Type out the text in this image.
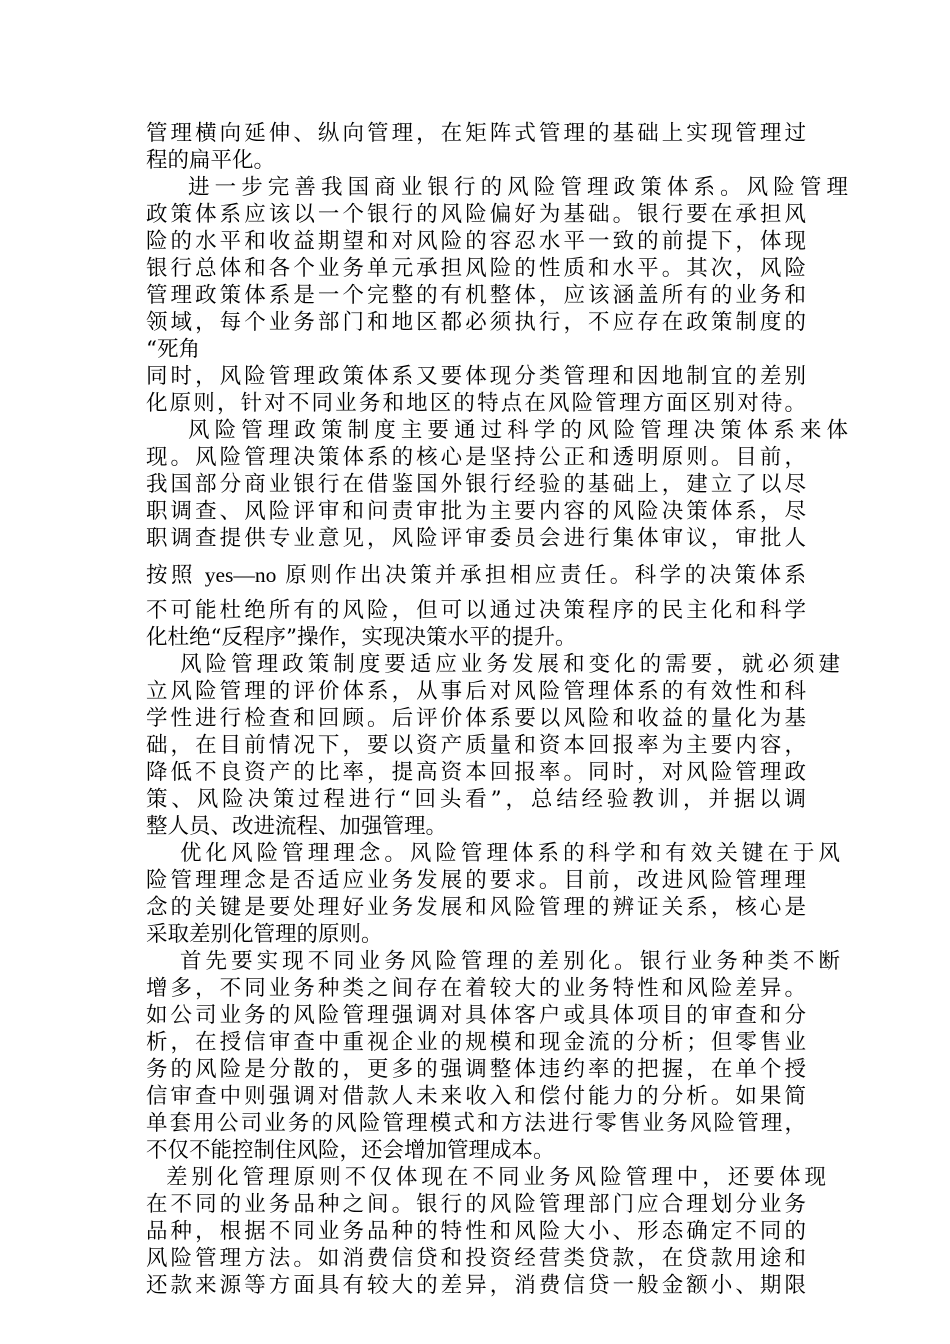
管理横向延伸、纵向管理，在矩阵式管理的基础上实现管理过

程的扁平化。

进一步完善我国商业银行的风险管理政策体系。风险管理

政策体系应该以一个银行的风险偏好为基础。银行要在承担风

险的水平和收益期望和对风险的容忍水平一致的前提下，体现

银行总体和各个业务单元承担风险的性质和水平。其次，风险

管理政策体系是一个完整的有机整体，应该涵盖所有的业务和

领域，每个业务部门和地区都必须执行，不应存在政策制度的

“死角

同时，风险管理政策体系又要体现分类管理和因地制宜的差别

化原则，针对不同业务和地区的特点在风险管理方面区别对待。

风险管理政策制度主要通过科学的风险管理决策体系来体

现。风险管理决策体系的核心是坚持公正和透明原则。目前，

我国部分商业银行在借鉴国外银行经验的基础上，建立了以尽

职调查、风险评审和问责审批为主要内容的风险决策体系，尽

职调查提供专业意见，风险评审委员会进行集体审议，审批人

按照 yes—no 原则作出决策并承担相应责任。科学的决策体系

不可能杜绝所有的风险，但可以通过决策程序的民主化和科学

化杜绝“反程序”操作，实现决策水平的提升。

风险管理政策制度要适应业务发展和变化的需要，就必须建

立风险管理的评价体系，从事后对风险管理体系的有效性和科

学性进行检查和回顾。后评价体系要以风险和收益的量化为基

础，在目前情况下，要以资产质量和资本回报率为主要内容，

降低不良资产的比率，提高资本回报率。同时，对风险管理政

策、风险决策过程进行“回头看”，总结经验教训，并据以调

整人员、改进流程、加强管理。

优化风险管理理念。风险管理体系的科学和有效关键在于风

险管理理念是否适应业务发展的要求。目前，改进风险管理理

念的关键是要处理好业务发展和风险管理的辨证关系，核心是

采取差别化管理的原则。

首先要实现不同业务风险管理的差别化。银行业务种类不断

增多，不同业务种类之间存在着较大的业务特性和风险差异。

如公司业务的风险管理强调对具体客户或具体项目的审查和分

析，在授信审查中重视企业的规模和现金流的分析；但零售业

务的风险是分散的，更多的强调整体违约率的把握，在单个授

信审查中则强调对借款人未来收入和偿付能力的分析。如果简

单套用公司业务的风险管理模式和方法进行零售业务风险管理，

不仅不能控制住风险，还会增加管理成本。

差别化管理原则不仅体现在不同业务风险管理中，还要体现

在不同的业务品种之间。银行的风险管理部门应合理划分业务

品种，根据不同业务品种的特性和风险大小、形态确定不同的

风险管理方法。如消费信贷和投资经营类贷款，在贷款用途和

还款来源等方面具有较大的差异，消费信贷一般金额小、期限
